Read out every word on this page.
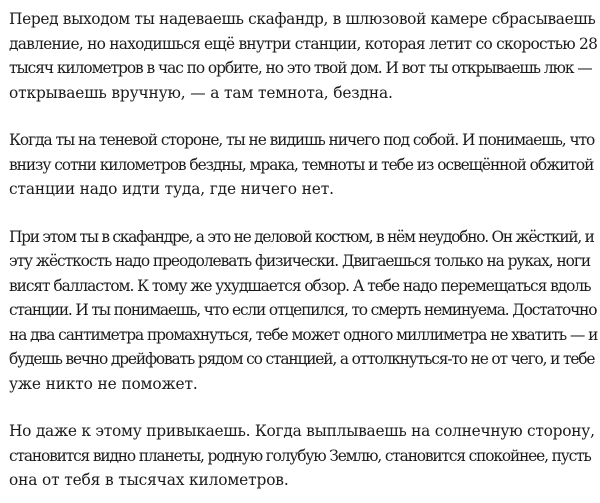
Перед выходом ты надеваешь скафандр, в шлюзовой камере сбрасываешь
давление, но находишься ещё внутри станции, которая летит со скоростью 28
тысяч километров в час по орбите, но это твой дом. И вот ты открываешь люк —
открываешь вручную, — а там темнота, бездна.

Когда ты на теневой стороне, ты не видишь ничего под собой. И понимаешь, что
внизу сотни километров бездны, мрака, темноты и тебе из освещённой обжитой
станции надо идти туда, где ничего нет.

При этом ты в скафандре, а это не деловой костюм, в нём неудобно. Он жёсткий, и
эту жёсткость надо преодолевать физически. Двигаешься только на руках, ноги
висят балластом. К тому же ухудшается обзор. А тебе надо перемещаться вдоль
станции. И ты понимаешь, что если отцепился, то смерть неминуема. Достаточно
на два сантиметра промахнуться, тебе может одного миллиметра не хватить — и
будешь вечно дрейфовать рядом со станцией, а оттолкнуться-то не от чего, и тебе
уже никто не поможет.

Но даже к этому привыкаешь. Когда выплываешь на солнечную сторону,
становится видно планеты, родную голубую Землю, становится спокойнее, пусть
она от тебя в тысячах километров.
